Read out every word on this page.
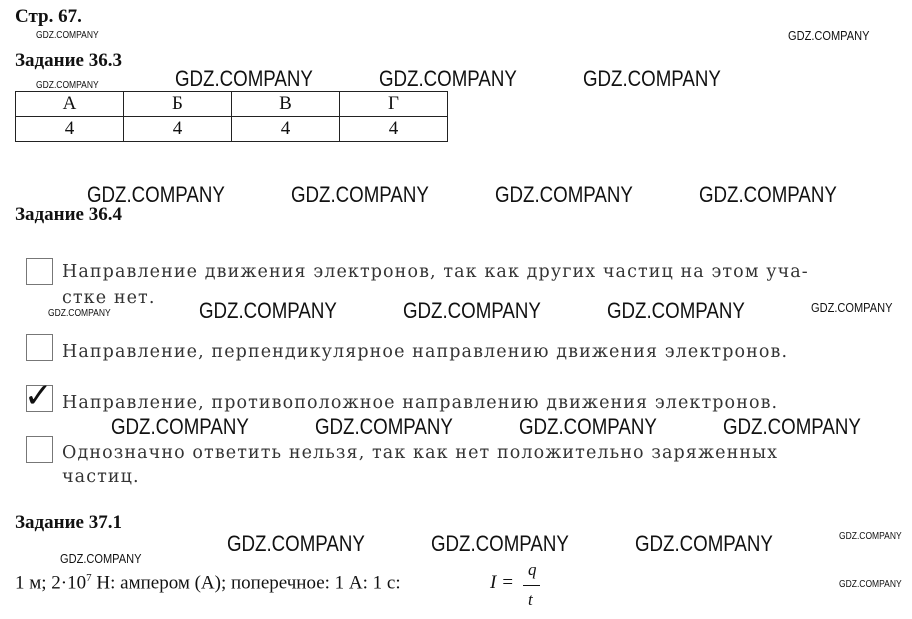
Стр. 67.
GDZ.COMPANY	GDZ.COMPANY
GDZ.COMPANY	GDZ.COMPANY	GDZ.COMPANY	GDZ.COMPANY
GDZ.COMPANY	GDZ.COMPANY	GDZ.COMPANY	GDZ.COMPANY
GDZ.COMPANY	GDZ.COMPANY	GDZ.COMPANY	GDZ.COMPANY	GDZ.COMPANY
GDZ.COMPANY	GDZ.COMPANY	GDZ.COMPANY	GDZ.COMPANY
GDZ.COMPANY
GDZ.COMPANY	GDZ.COMPANY	GDZ.COMPANY	GDZ.COMPANY
GDZ.COMPANY
Задание 36.3
А	Б	В	Г
4	4	4	4
Задание 36.4
Направление движения электронов, так как других частиц на этом уча-
стке нет.
Направление, перпендикулярное направлению движения электронов.
✓ Направление, противоположное направлению движения электронов.
Однозначно ответить нельзя, так как нет положительно заряженных
частиц.
Задание 37.1
1 м; $2\cdot 10^7$ Н: ампером (А); поперечное: 1 А: 1 с:	I =
q
t
